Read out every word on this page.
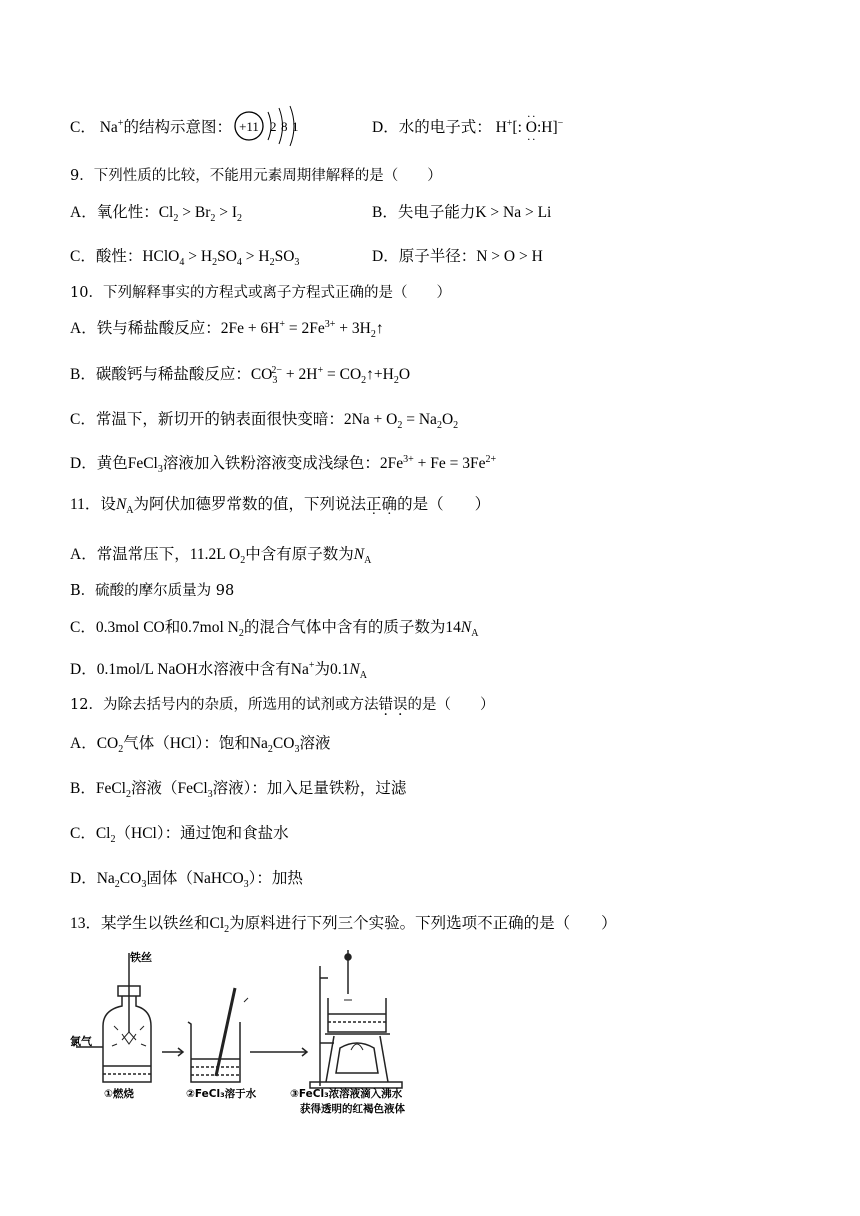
C． Na+的结构示意图： +11 2 8 1	D．水的电子式： H+[:
··
O
··
:H]−
9．下列性质的比较，不能用元素周期律解释的是（　　）
A．氧化性：$Cl_2 > Br_2 > I_2$	B．失电子能力K > Na > Li
C．酸性：HClO$_4$ > $H_2SO_4 > H_2SO_3$	D．原子半径：N > O > H
10．下列解释事实的方程式或离子方程式正确的是（　　）
A．铁与稀盐酸反应：$2Fe + 6H^+ = 2Fe^{3+}$ + $3H_2↑$
B．碳酸钙与稀盐酸反应：$CO_3^{2-} + 2H^+$ = $CO_2↑+H_2O$
C．常温下，新切开的钠表面很快变暗：$2Na + O_2 = Na_2O_2$
D．黄色FeCl$_3$溶液加入铁粉溶液变成浅绿色：$2Fe^{3+} + Fe = 3Fe^{2+}$
11．设$N_A$为阿伏加德罗常数的值，下列说法正确的是（　　）
A．常温常压下，11.2L $O_2$中含有原子数为$N_A$
B．硫酸的摩尔质量为 98
C．0.3mol CO和0.7mol $N_2$的混合气体中含有的质子数为$14N_A$
D．0.1mol/L NaOH水溶液中含有Na+为$0.1N_A$
12．为除去括号内的杂质，所选用的试剂或方法错误的是（　　）
A．$CO_2$气体（HCl）：饱和$Na_2CO_3$溶液
B．FeCl$_2$溶液（FeCl$_3$溶液）：加入足量铁粉，过滤
C．$Cl_2(HCl)$：通过饱和食盐水
D．$Na_2CO_3$固体（NaHCO$_3$）：加热
13．某学生以铁丝和$Cl_2$为原料进行下列三个实验。下列选项不正确的是（　　）
铁丝
氯气
①燃烧	②FeCl₃溶于水	③FeCl₃浓溶液滴入沸水
获得透明的红褐色液体
